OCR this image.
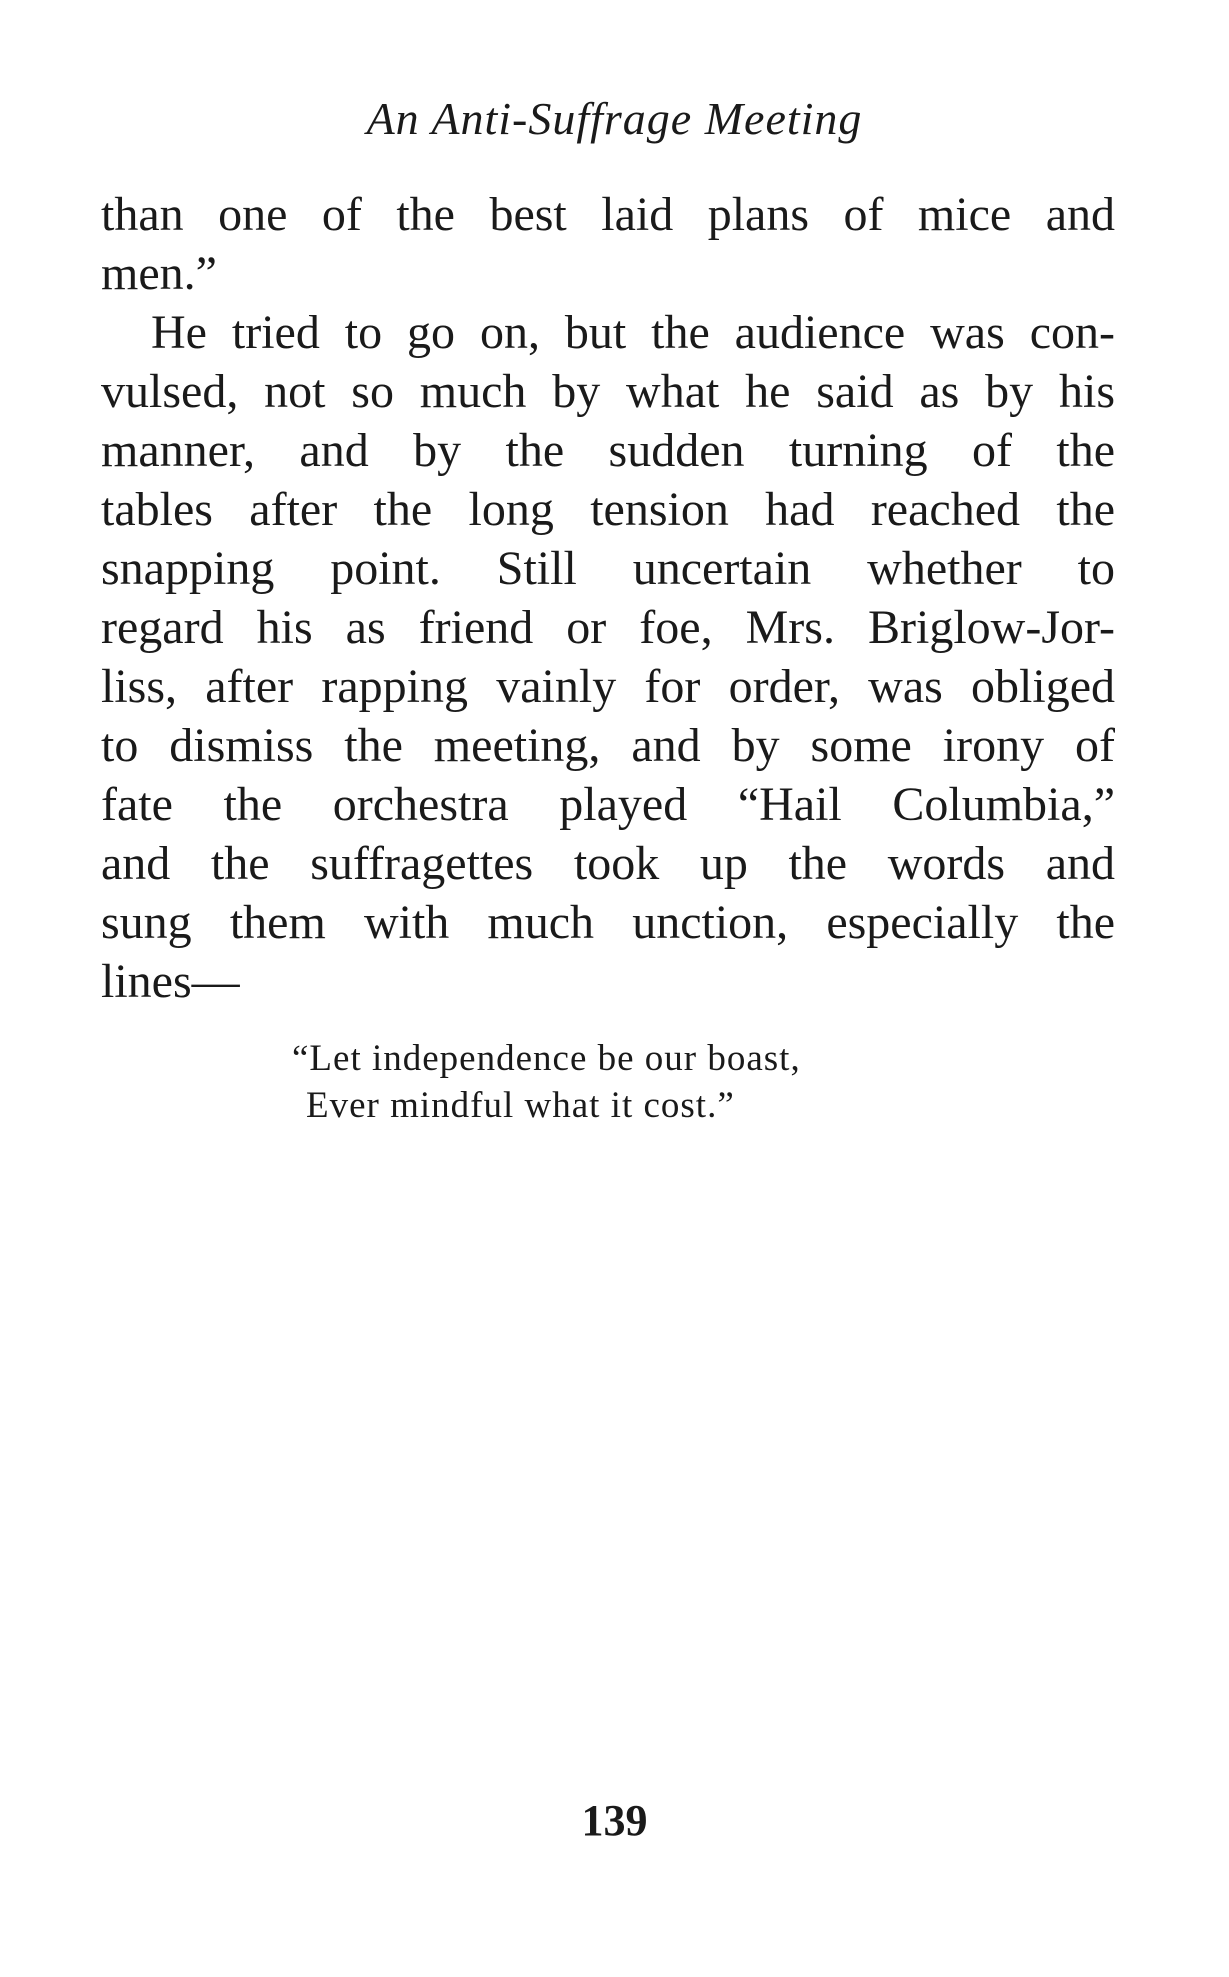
An Anti-Suffrage Meeting
than one of the best laid plans of mice and
men.”
He tried to go on, but the audience was con-
vulsed, not so much by what he said as by his
manner, and by the sudden turning of the
tables after the long tension had reached the
snapping point. Still uncertain whether to
regard his as friend or foe, Mrs. Briglow-Jor-
liss, after rapping vainly for order, was obliged
to dismiss the meeting, and by some irony of
fate the orchestra played “Hail Columbia,”
and the suffragettes took up the words and
sung them with much unction, especially the
lines—
“Let independence be our boast,
Ever mindful what it cost.”
139
